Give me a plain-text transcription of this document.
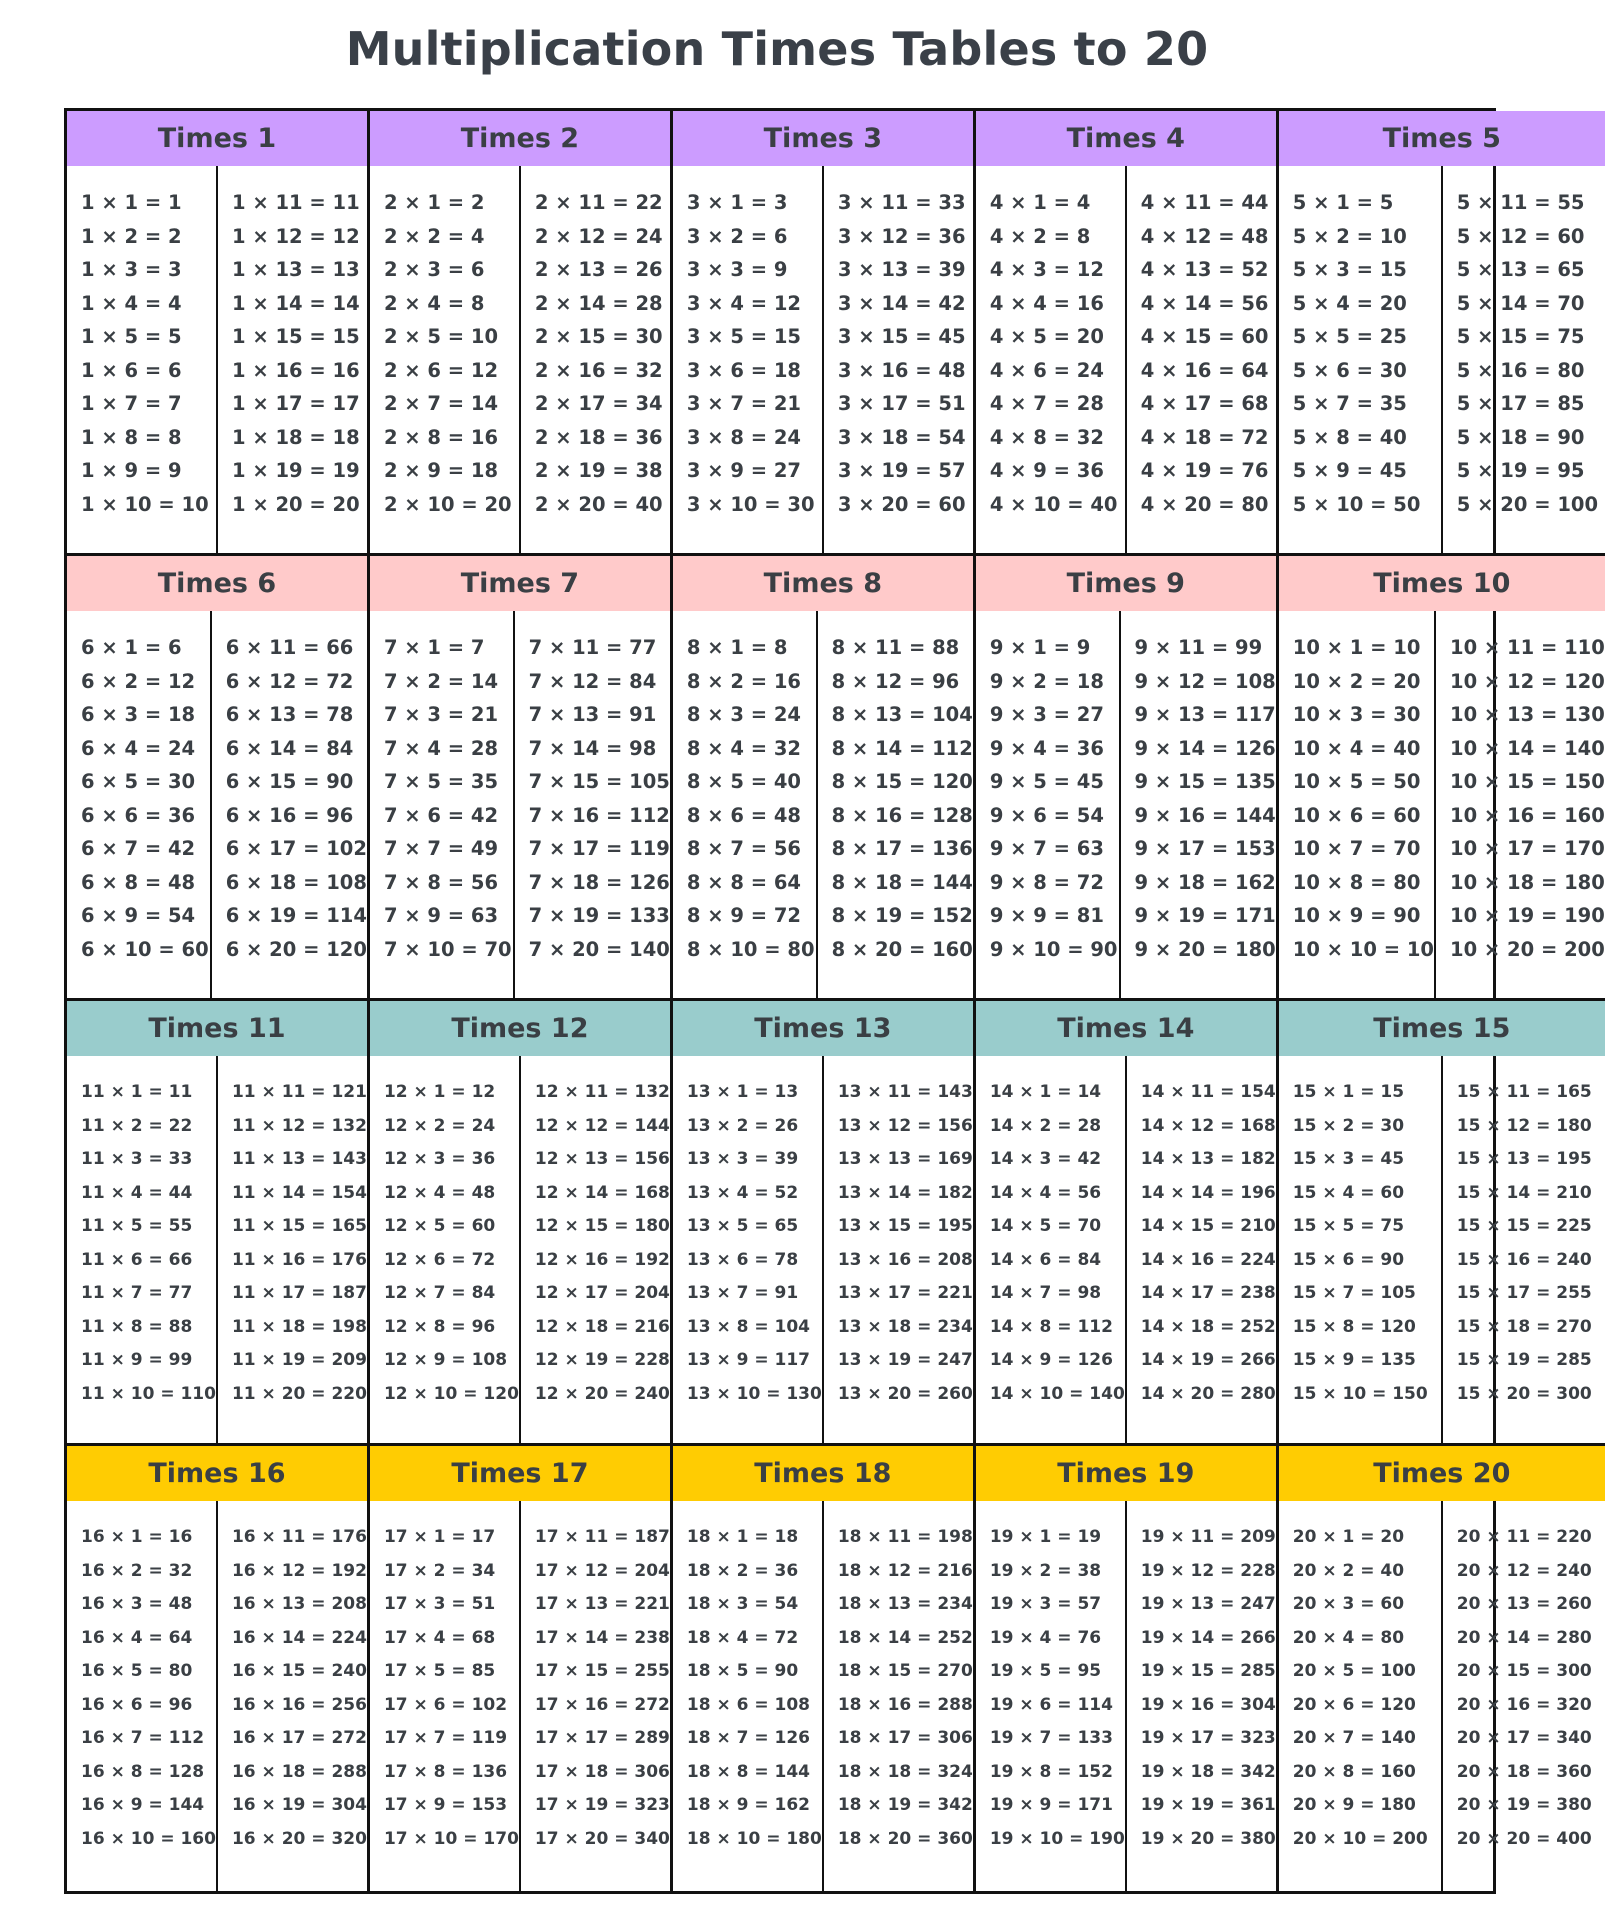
Multiplication Times Tables to 20
Times 1
1 × 1 = 1
1 × 2 = 2
1 × 3 = 3
1 × 4 = 4
1 × 5 = 5
1 × 6 = 6
1 × 7 = 7
1 × 8 = 8
1 × 9 = 9
1 × 10 = 10
1 × 11 = 11
1 × 12 = 12
1 × 13 = 13
1 × 14 = 14
1 × 15 = 15
1 × 16 = 16
1 × 17 = 17
1 × 18 = 18
1 × 19 = 19
1 × 20 = 20
Times 2
2 × 1 = 2
2 × 2 = 4
2 × 3 = 6
2 × 4 = 8
2 × 5 = 10
2 × 6 = 12
2 × 7 = 14
2 × 8 = 16
2 × 9 = 18
2 × 10 = 20
2 × 11 = 22
2 × 12 = 24
2 × 13 = 26
2 × 14 = 28
2 × 15 = 30
2 × 16 = 32
2 × 17 = 34
2 × 18 = 36
2 × 19 = 38
2 × 20 = 40
Times 3
3 × 1 = 3
3 × 2 = 6
3 × 3 = 9
3 × 4 = 12
3 × 5 = 15
3 × 6 = 18
3 × 7 = 21
3 × 8 = 24
3 × 9 = 27
3 × 10 = 30
3 × 11 = 33
3 × 12 = 36
3 × 13 = 39
3 × 14 = 42
3 × 15 = 45
3 × 16 = 48
3 × 17 = 51
3 × 18 = 54
3 × 19 = 57
3 × 20 = 60
Times 4
4 × 1 = 4
4 × 2 = 8
4 × 3 = 12
4 × 4 = 16
4 × 5 = 20
4 × 6 = 24
4 × 7 = 28
4 × 8 = 32
4 × 9 = 36
4 × 10 = 40
4 × 11 = 44
4 × 12 = 48
4 × 13 = 52
4 × 14 = 56
4 × 15 = 60
4 × 16 = 64
4 × 17 = 68
4 × 18 = 72
4 × 19 = 76
4 × 20 = 80
Times 5
5 × 1 = 5
5 × 2 = 10
5 × 3 = 15
5 × 4 = 20
5 × 5 = 25
5 × 6 = 30
5 × 7 = 35
5 × 8 = 40
5 × 9 = 45
5 × 10 = 50
5 × 11 = 55
5 × 12 = 60
5 × 13 = 65
5 × 14 = 70
5 × 15 = 75
5 × 16 = 80
5 × 17 = 85
5 × 18 = 90
5 × 19 = 95
5 × 20 = 100
Times 6
6 × 1 = 6
6 × 2 = 12
6 × 3 = 18
6 × 4 = 24
6 × 5 = 30
6 × 6 = 36
6 × 7 = 42
6 × 8 = 48
6 × 9 = 54
6 × 10 = 60
6 × 11 = 66
6 × 12 = 72
6 × 13 = 78
6 × 14 = 84
6 × 15 = 90
6 × 16 = 96
6 × 17 = 102
6 × 18 = 108
6 × 19 = 114
6 × 20 = 120
Times 7
7 × 1 = 7
7 × 2 = 14
7 × 3 = 21
7 × 4 = 28
7 × 5 = 35
7 × 6 = 42
7 × 7 = 49
7 × 8 = 56
7 × 9 = 63
7 × 10 = 70
7 × 11 = 77
7 × 12 = 84
7 × 13 = 91
7 × 14 = 98
7 × 15 = 105
7 × 16 = 112
7 × 17 = 119
7 × 18 = 126
7 × 19 = 133
7 × 20 = 140
Times 8
8 × 1 = 8
8 × 2 = 16
8 × 3 = 24
8 × 4 = 32
8 × 5 = 40
8 × 6 = 48
8 × 7 = 56
8 × 8 = 64
8 × 9 = 72
8 × 10 = 80
8 × 11 = 88
8 × 12 = 96
8 × 13 = 104
8 × 14 = 112
8 × 15 = 120
8 × 16 = 128
8 × 17 = 136
8 × 18 = 144
8 × 19 = 152
8 × 20 = 160
Times 9
9 × 1 = 9
9 × 2 = 18
9 × 3 = 27
9 × 4 = 36
9 × 5 = 45
9 × 6 = 54
9 × 7 = 63
9 × 8 = 72
9 × 9 = 81
9 × 10 = 90
9 × 11 = 99
9 × 12 = 108
9 × 13 = 117
9 × 14 = 126
9 × 15 = 135
9 × 16 = 144
9 × 17 = 153
9 × 18 = 162
9 × 19 = 171
9 × 20 = 180
Times 10
10 × 1 = 10
10 × 2 = 20
10 × 3 = 30
10 × 4 = 40
10 × 5 = 50
10 × 6 = 60
10 × 7 = 70
10 × 8 = 80
10 × 9 = 90
10 × 10 = 10
10 × 11 = 110
10 × 12 = 120
10 × 13 = 130
10 × 14 = 140
10 × 15 = 150
10 × 16 = 160
10 × 17 = 170
10 × 18 = 180
10 × 19 = 190
10 × 20 = 200
Times 11
11 × 1 = 11
11 × 2 = 22
11 × 3 = 33
11 × 4 = 44
11 × 5 = 55
11 × 6 = 66
11 × 7 = 77
11 × 8 = 88
11 × 9 = 99
11 × 10 = 110
11 × 11 = 121
11 × 12 = 132
11 × 13 = 143
11 × 14 = 154
11 × 15 = 165
11 × 16 = 176
11 × 17 = 187
11 × 18 = 198
11 × 19 = 209
11 × 20 = 220
Times 12
12 × 1 = 12
12 × 2 = 24
12 × 3 = 36
12 × 4 = 48
12 × 5 = 60
12 × 6 = 72
12 × 7 = 84
12 × 8 = 96
12 × 9 = 108
12 × 10 = 120
12 × 11 = 132
12 × 12 = 144
12 × 13 = 156
12 × 14 = 168
12 × 15 = 180
12 × 16 = 192
12 × 17 = 204
12 × 18 = 216
12 × 19 = 228
12 × 20 = 240
Times 13
13 × 1 = 13
13 × 2 = 26
13 × 3 = 39
13 × 4 = 52
13 × 5 = 65
13 × 6 = 78
13 × 7 = 91
13 × 8 = 104
13 × 9 = 117
13 × 10 = 130
13 × 11 = 143
13 × 12 = 156
13 × 13 = 169
13 × 14 = 182
13 × 15 = 195
13 × 16 = 208
13 × 17 = 221
13 × 18 = 234
13 × 19 = 247
13 × 20 = 260
Times 14
14 × 1 = 14
14 × 2 = 28
14 × 3 = 42
14 × 4 = 56
14 × 5 = 70
14 × 6 = 84
14 × 7 = 98
14 × 8 = 112
14 × 9 = 126
14 × 10 = 140
14 × 11 = 154
14 × 12 = 168
14 × 13 = 182
14 × 14 = 196
14 × 15 = 210
14 × 16 = 224
14 × 17 = 238
14 × 18 = 252
14 × 19 = 266
14 × 20 = 280
Times 15
15 × 1 = 15
15 × 2 = 30
15 × 3 = 45
15 × 4 = 60
15 × 5 = 75
15 × 6 = 90
15 × 7 = 105
15 × 8 = 120
15 × 9 = 135
15 × 10 = 150
15 × 11 = 165
15 × 12 = 180
15 × 13 = 195
15 × 14 = 210
15 × 15 = 225
15 × 16 = 240
15 × 17 = 255
15 × 18 = 270
15 × 19 = 285
15 × 20 = 300
Times 16
16 × 1 = 16
16 × 2 = 32
16 × 3 = 48
16 × 4 = 64
16 × 5 = 80
16 × 6 = 96
16 × 7 = 112
16 × 8 = 128
16 × 9 = 144
16 × 10 = 160
16 × 11 = 176
16 × 12 = 192
16 × 13 = 208
16 × 14 = 224
16 × 15 = 240
16 × 16 = 256
16 × 17 = 272
16 × 18 = 288
16 × 19 = 304
16 × 20 = 320
Times 17
17 × 1 = 17
17 × 2 = 34
17 × 3 = 51
17 × 4 = 68
17 × 5 = 85
17 × 6 = 102
17 × 7 = 119
17 × 8 = 136
17 × 9 = 153
17 × 10 = 170
17 × 11 = 187
17 × 12 = 204
17 × 13 = 221
17 × 14 = 238
17 × 15 = 255
17 × 16 = 272
17 × 17 = 289
17 × 18 = 306
17 × 19 = 323
17 × 20 = 340
Times 18
18 × 1 = 18
18 × 2 = 36
18 × 3 = 54
18 × 4 = 72
18 × 5 = 90
18 × 6 = 108
18 × 7 = 126
18 × 8 = 144
18 × 9 = 162
18 × 10 = 180
18 × 11 = 198
18 × 12 = 216
18 × 13 = 234
18 × 14 = 252
18 × 15 = 270
18 × 16 = 288
18 × 17 = 306
18 × 18 = 324
18 × 19 = 342
18 × 20 = 360
Times 19
19 × 1 = 19
19 × 2 = 38
19 × 3 = 57
19 × 4 = 76
19 × 5 = 95
19 × 6 = 114
19 × 7 = 133
19 × 8 = 152
19 × 9 = 171
19 × 10 = 190
19 × 11 = 209
19 × 12 = 228
19 × 13 = 247
19 × 14 = 266
19 × 15 = 285
19 × 16 = 304
19 × 17 = 323
19 × 18 = 342
19 × 19 = 361
19 × 20 = 380
Times 20
20 × 1 = 20
20 × 2 = 40
20 × 3 = 60
20 × 4 = 80
20 × 5 = 100
20 × 6 = 120
20 × 7 = 140
20 × 8 = 160
20 × 9 = 180
20 × 10 = 200
20 × 11 = 220
20 × 12 = 240
20 × 13 = 260
20 × 14 = 280
20 × 15 = 300
20 × 16 = 320
20 × 17 = 340
20 × 18 = 360
20 × 19 = 380
20 × 20 = 400
